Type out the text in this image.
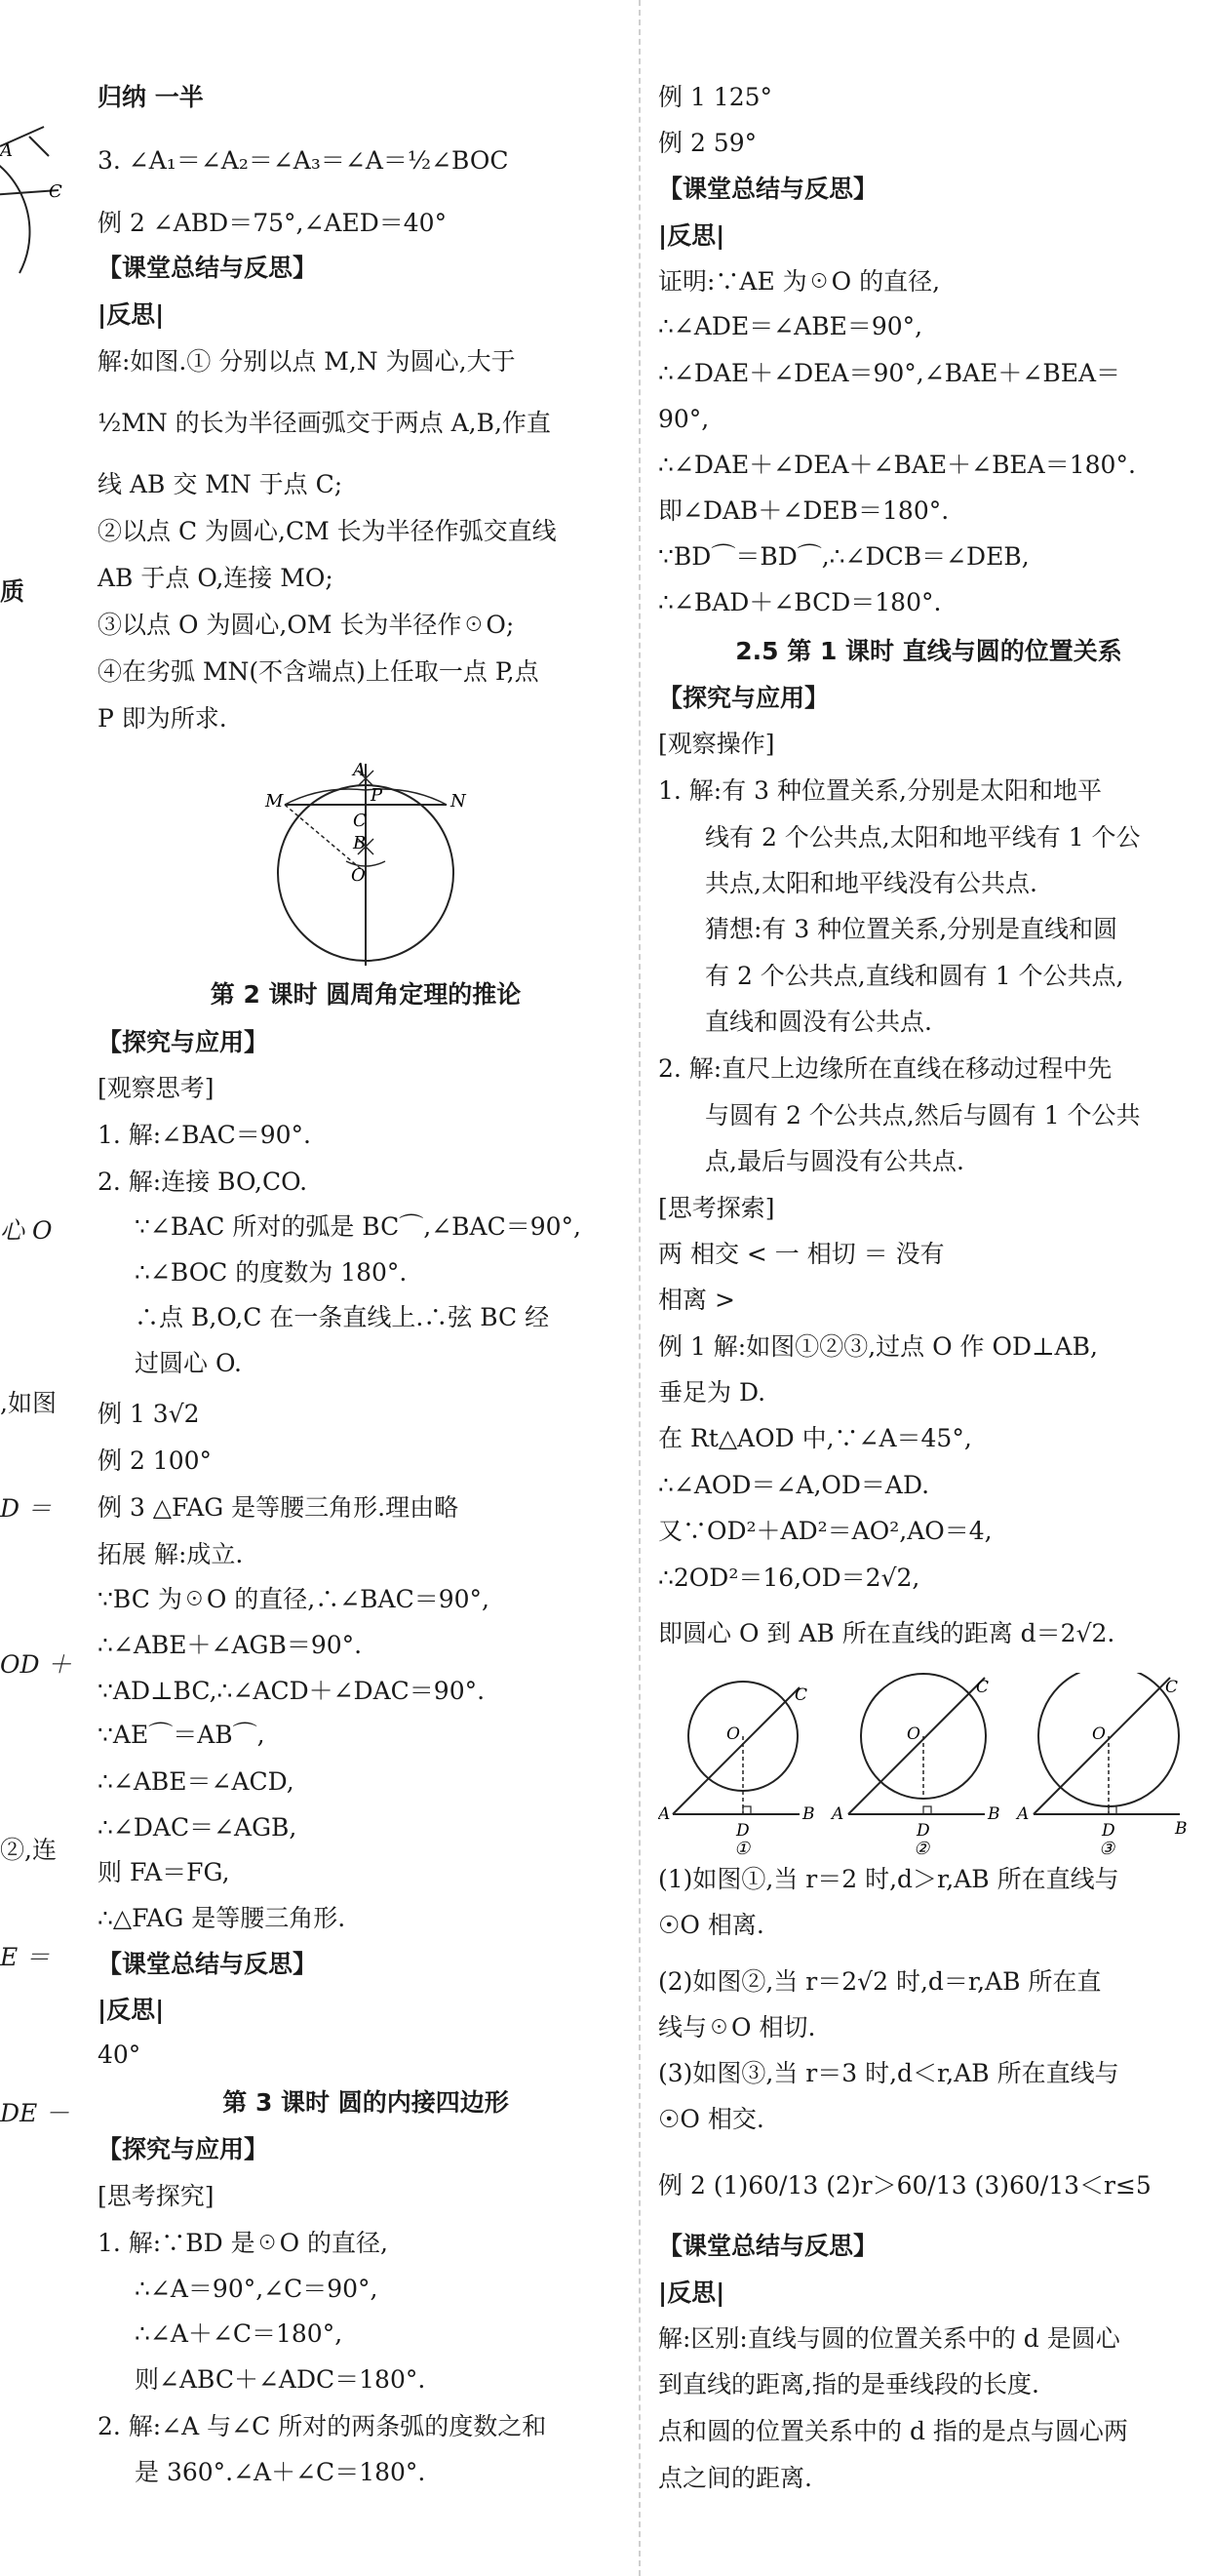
A
C
质
心 O
,如图
D ＝
OD ＋
②,连
E ＝
DE －
归纳 一半
3. ∠A₁＝∠A₂＝∠A₃＝∠A＝½∠BOC
例 2 ∠ABD＝75°,∠AED＝40°
【课堂总结与反思】
|反思|
解:如图.① 分别以点 M,N 为圆心,大于
½MN 的长为半径画弧交于两点 A,B,作直
线 AB 交 MN 于点 C;
②以点 C 为圆心,CM 长为半径作弧交直线
AB 于点 O,连接 MO;
③以点 O 为圆心,OM 长为半径作☉O;
④在劣弧 MN(不含端点)上任取一点 P,点
P 即为所求.
A
M	P	N
C
B
O
第 2 课时 圆周角定理的推论
【探究与应用】
[观察思考]
1. 解:∠BAC＝90°.
2. 解:连接 BO,CO.
∵∠BAC 所对的弧是 BC⌒,∠BAC＝90°,
∴∠BOC 的度数为 180°.
∴点 B,O,C 在一条直线上.∴弦 BC 经
过圆心 O.
例 1 3√2
例 2 100°
例 3 △FAG 是等腰三角形.理由略
拓展 解:成立.
∵BC 为☉O 的直径,∴∠BAC＝90°,
∴∠ABE＋∠AGB＝90°.
∵AD⊥BC,∴∠ACD＋∠DAC＝90°.
∵AE⌒＝AB⌒,
∴∠ABE＝∠ACD,
∴∠DAC＝∠AGB,
则 FA＝FG,
∴△FAG 是等腰三角形.
【课堂总结与反思】
|反思|
40°
第 3 课时 圆的内接四边形
【探究与应用】
[思考探究]
1. 解:∵BD 是☉O 的直径,
∴∠A＝90°,∠C＝90°,
∴∠A＋∠C＝180°,
则∠ABC＋∠ADC＝180°.
2. 解:∠A 与∠C 所对的两条弧的度数之和
是 360°.∠A＋∠C＝180°.
例 1 125°
例 2 59°
【课堂总结与反思】
|反思|
证明:∵AE 为☉O 的直径,
∴∠ADE＝∠ABE＝90°,
∴∠DAE＋∠DEA＝90°,∠BAE＋∠BEA＝
90°,
∴∠DAE＋∠DEA＋∠BAE＋∠BEA＝180°.
即∠DAB＋∠DEB＝180°.
∵BD⌒＝BD⌒,∴∠DCB＝∠DEB,
∴∠BAD＋∠BCD＝180°.
2.5 第 1 课时 直线与圆的位置关系
【探究与应用】
[观察操作]
1. 解:有 3 种位置关系,分别是太阳和地平
线有 2 个公共点,太阳和地平线有 1 个公
共点,太阳和地平线没有公共点.
猜想:有 3 种位置关系,分别是直线和圆
有 2 个公共点,直线和圆有 1 个公共点,
直线和圆没有公共点.
2. 解:直尺上边缘所在直线在移动过程中先
与圆有 2 个公共点,然后与圆有 1 个公共
点,最后与圆没有公共点.
[思考探索]
两 相交 < 一 相切 ＝ 没有
相离 >
例 1 解:如图①②③,过点 O 作 OD⊥AB,
垂足为 D.
在 Rt△AOD 中,∵∠A＝45°,
∴∠AOD＝∠A,OD＝AD.
又∵OD²＋AD²＝AO²,AO＝4,
∴2OD²＝16,OD＝2√2,
即圆心 O 到 AB 所在直线的距离 d＝2√2.
O
C
A
D
B
①
O
C
A
D
B
②
O
C
A
D	B
③
(1)如图①,当 r＝2 时,d＞r,AB 所在直线与
☉O 相离.
(2)如图②,当 r＝2√2 时,d＝r,AB 所在直
线与☉O 相切.
(3)如图③,当 r＝3 时,d＜r,AB 所在直线与
☉O 相交.
例 2 (1)60/13 (2)r＞60/13 (3)60/13＜r≤5
【课堂总结与反思】
|反思|
解:区别:直线与圆的位置关系中的 d 是圆心
到直线的距离,指的是垂线段的长度.
点和圆的位置关系中的 d 指的是点与圆心两
点之间的距离.
